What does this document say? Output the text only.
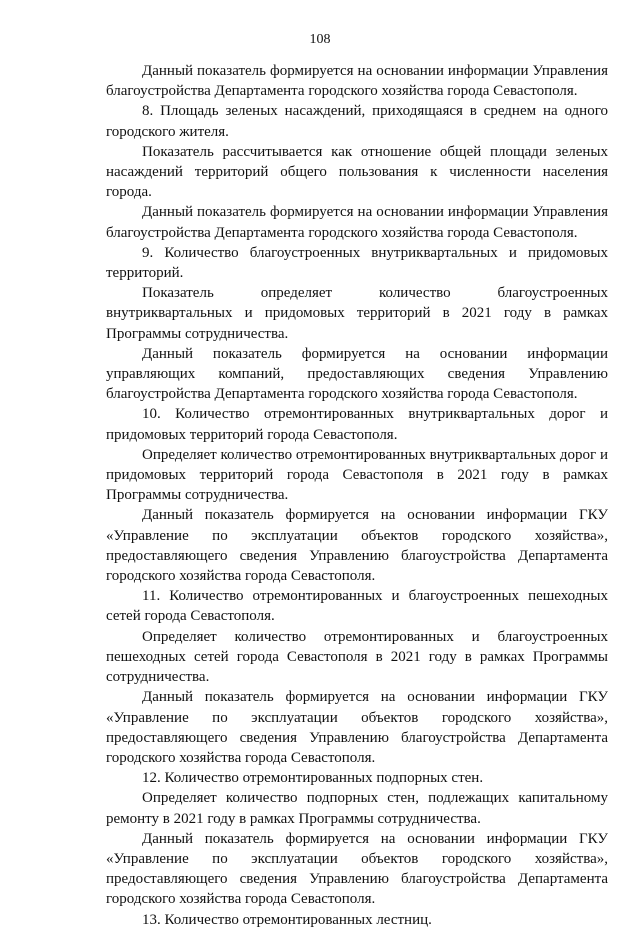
108

Данный показатель формируется на основании информации Управления благоустройства Департамента городского хозяйства города Севастополя.

8. Площадь зеленых насаждений, приходящаяся в среднем на одного городского жителя.

Показатель рассчитывается как отношение общей площади зеленых насаждений территорий общего пользования к численности населения города.

Данный показатель формируется на основании информации Управления благоустройства Департамента городского хозяйства города Севастополя.

9. Количество благоустроенных внутриквартальных и придомовых территорий.

Показатель определяет количество благоустроенных внутриквартальных и придомовых территорий в 2021 году в рамках Программы сотрудничества.

Данный показатель формируется на основании информации управляющих компаний, предоставляющих сведения Управлению благоустройства Департамента городского хозяйства города Севастополя.

10. Количество отремонтированных внутриквартальных дорог и придомовых территорий города Севастополя.

Определяет количество отремонтированных внутриквартальных дорог и придомовых территорий города Севастополя в 2021 году в рамках Программы сотрудничества.

Данный показатель формируется на основании информации ГКУ «Управление по эксплуатации объектов городского хозяйства», предоставляющего сведения Управлению благоустройства Департамента городского хозяйства города Севастополя.

11. Количество отремонтированных и благоустроенных пешеходных сетей города Севастополя.

Определяет количество отремонтированных и благоустроенных пешеходных сетей города Севастополя в 2021 году в рамках Программы сотрудничества.

Данный показатель формируется на основании информации ГКУ «Управление по эксплуатации объектов городского хозяйства», предоставляющего сведения Управлению благоустройства Департамента городского хозяйства города Севастополя.

12. Количество отремонтированных подпорных стен.

Определяет количество подпорных стен, подлежащих капитальному ремонту в 2021 году в рамках Программы сотрудничества.

Данный показатель формируется на основании информации ГКУ «Управление по эксплуатации объектов городского хозяйства», предоставляющего сведения Управлению благоустройства Департамента городского хозяйства города Севастополя.

13. Количество отремонтированных лестниц.
